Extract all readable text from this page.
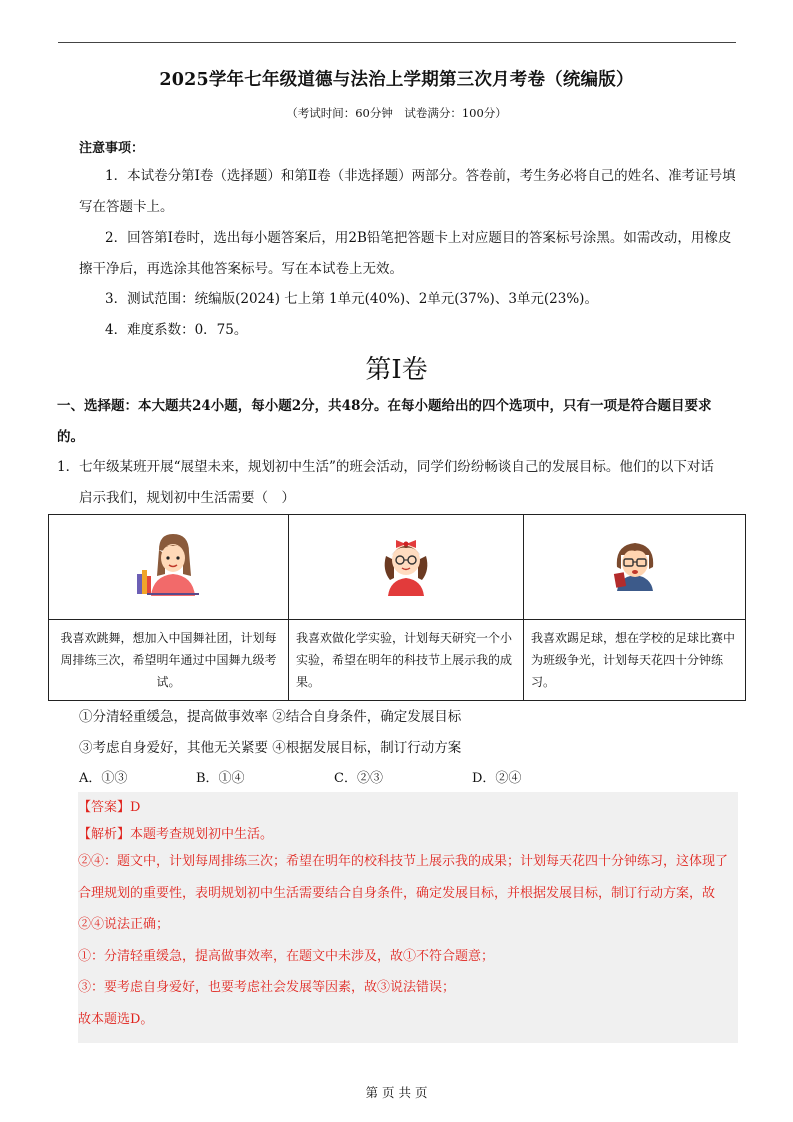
2025学年七年级道德与法治上学期第三次月考卷（统编版）
（考试时间：60分钟　试卷满分：100分）
注意事项：
1．本试卷分第Ⅰ卷（选择题）和第Ⅱ卷（非选择题）两部分。答卷前，考生务必将自己的姓名、准考证号填写在答题卡上。
2．回答第Ⅰ卷时，选出每小题答案后，用2B铅笔把答题卡上对应题目的答案标号涂黑。如需改动，用橡皮擦干净后，再选涂其他答案标号。写在本试卷上无效。
3．测试范围：统编版(2024) 七上第 1单元(40%)、2单元(37%)、3单元(23%)。
4．难度系数：0．75。
第Ⅰ卷
一、选择题：本大题共24小题，每小题2分，共48分。在每小题给出的四个选项中，只有一项是符合题目要求的。
1．七年级某班开展“展望未来，规划初中生活”的班会活动，同学们纷纷畅谈自己的发展目标。他们的以下对话
启示我们，规划初中生活需要（　）

我喜欢跳舞，想加入中国舞社团，计划每周排练三次，希望明年通过中国舞九级考试。	我喜欢做化学实验，计划每天研究一个小实验，希望在明年的科技节上展示我的成果。	我喜欢踢足球，想在学校的足球比赛中为班级争光，计划每天花四十分钟练习。
①分清轻重缓急，提高做事效率 ②结合自身条件，确定发展目标
③考虑自身爱好，其他无关紧要 ④根据发展目标，制订行动方案
A．①③	B．①④	C．②③	D．②④
【答案】D
【解析】本题考查规划初中生活。
②④：题文中，计划每周排练三次；希望在明年的校科技节上展示我的成果；计划每天花四十分钟练习，这体现了合理规划的重要性，表明规划初中生活需要结合自身条件，确定发展目标，并根据发展目标，制订行动方案，故②④说法正确；
①：分清轻重缓急，提高做事效率，在题文中未涉及，故①不符合题意；
③：要考虑自身爱好，也要考虑社会发展等因素，故③说法错误；
故本题选D。
第 页 共 页
